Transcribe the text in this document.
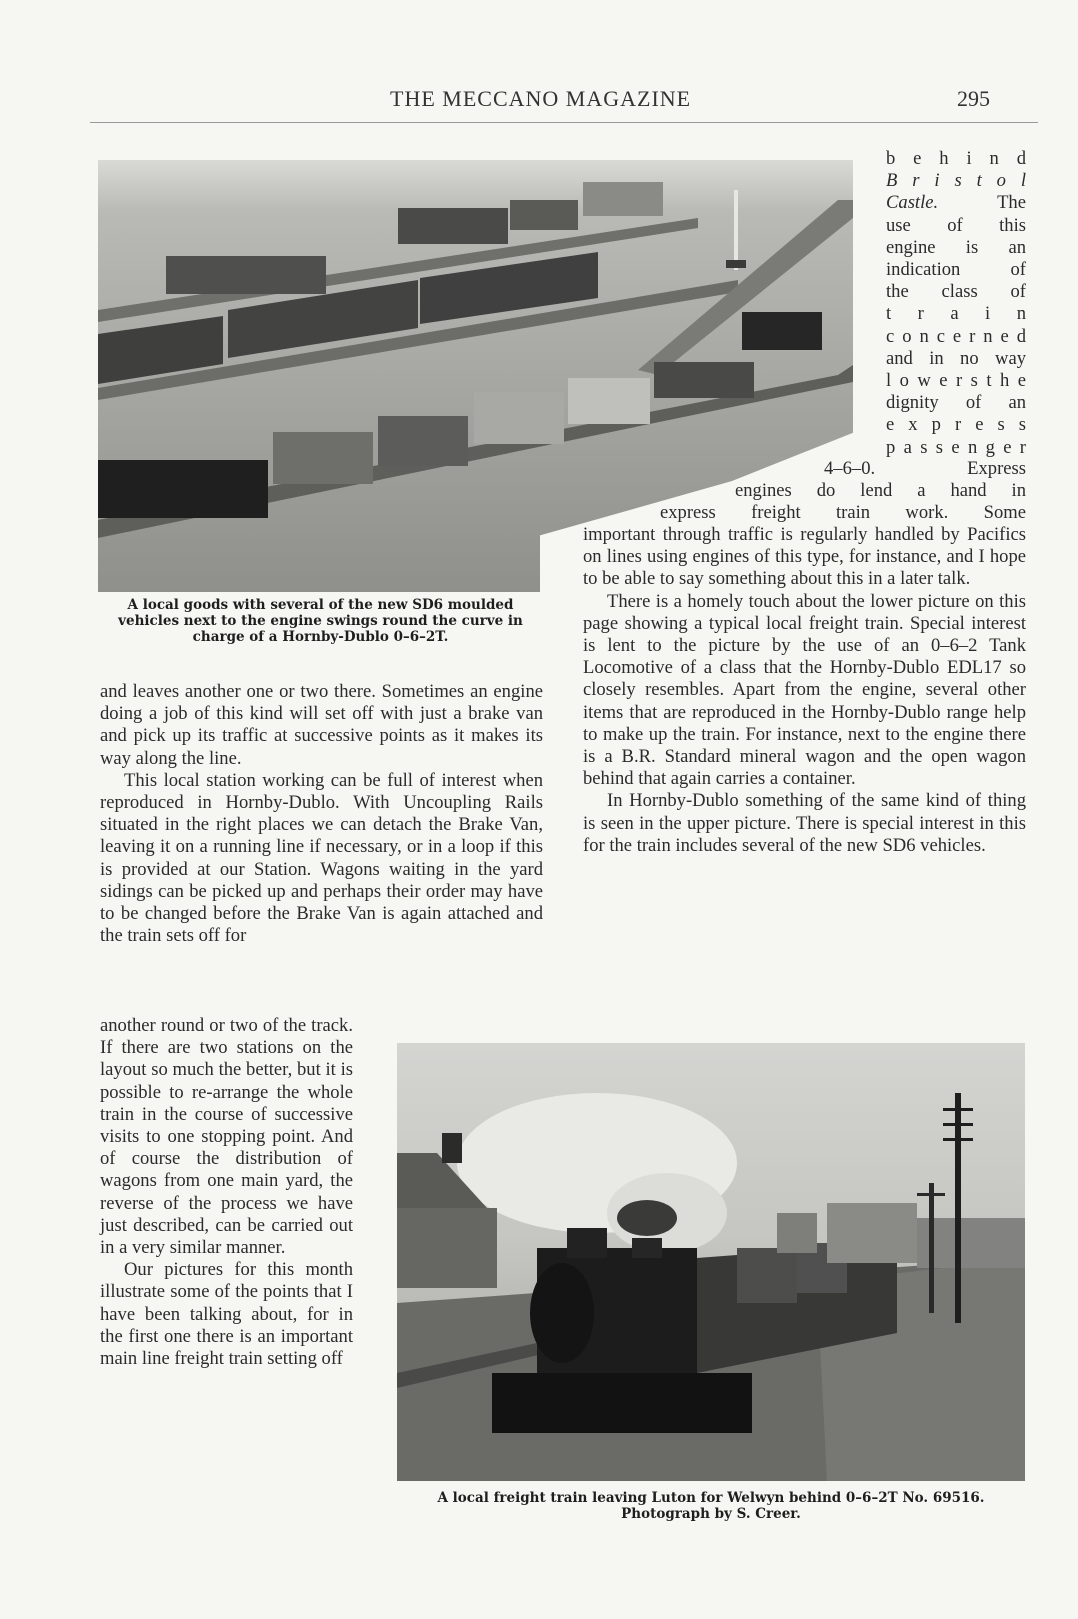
THE MECCANO MAGAZINE	295
A local goods with several of the new SD6 moulded vehicles next to the engine swings round the curve in charge of a Hornby-Dublo 0–6–2T.
b e h i n d
B r i s t o l
Castle.	The
use of this
engine is an
indication of
the class of
t r a i n
c o n c e r n e d
and in no way
l o w e r s t h e
dignity of an
e x p r e s s
p a s s e n g e r
4–6–0. Express
engines do lend a hand in
express freight train work. Some

important through traffic is regularly handled by Pacifics on lines using engines of this type, for instance, and I hope to be able to say something about this in a later talk.

There is a homely touch about the lower picture on this page showing a typical local freight train. Special interest is lent to the picture by the use of an 0–6–2 Tank Locomotive of a class that the Hornby-Dublo EDL17 so closely resembles. Apart from the engine, several other items that are reproduced in the Hornby-Dublo range help to make up the train. For instance, next to the engine there is a B.R. Standard mineral wagon and the open wagon behind that again carries a container.

In Hornby-Dublo something of the same kind of thing is seen in the upper picture. There is special interest in this for the train includes several of the new SD6 vehicles.

and leaves another one or two there. Sometimes an engine doing a job of this kind will set off with just a brake van and pick up its traffic at successive points as it makes its way along the line.

This local station working can be full of interest when reproduced in Hornby-Dublo. With Uncoupling Rails situated in the right places we can detach the Brake Van, leaving it on a running line if necessary, or in a loop if this is provided at our Station. Wagons waiting in the yard sidings can be picked up and perhaps their order may have to be changed before the Brake Van is again attached and the train sets off for

another round or two of the track. If there are two stations on the layout so much the better, but it is possible to re-arrange the whole train in the course of successive visits to one stopping point. And of course the distribution of wagons from one main yard, the reverse of the process we have just described, can be carried out in a very similar manner.

Our pictures for this month illustrate some of the points that I have been talking about, for in the first one there is an important main line freight train setting off

A local freight train leaving Luton for Welwyn behind 0–6–2T No. 69516.
Photograph by S. Creer.
